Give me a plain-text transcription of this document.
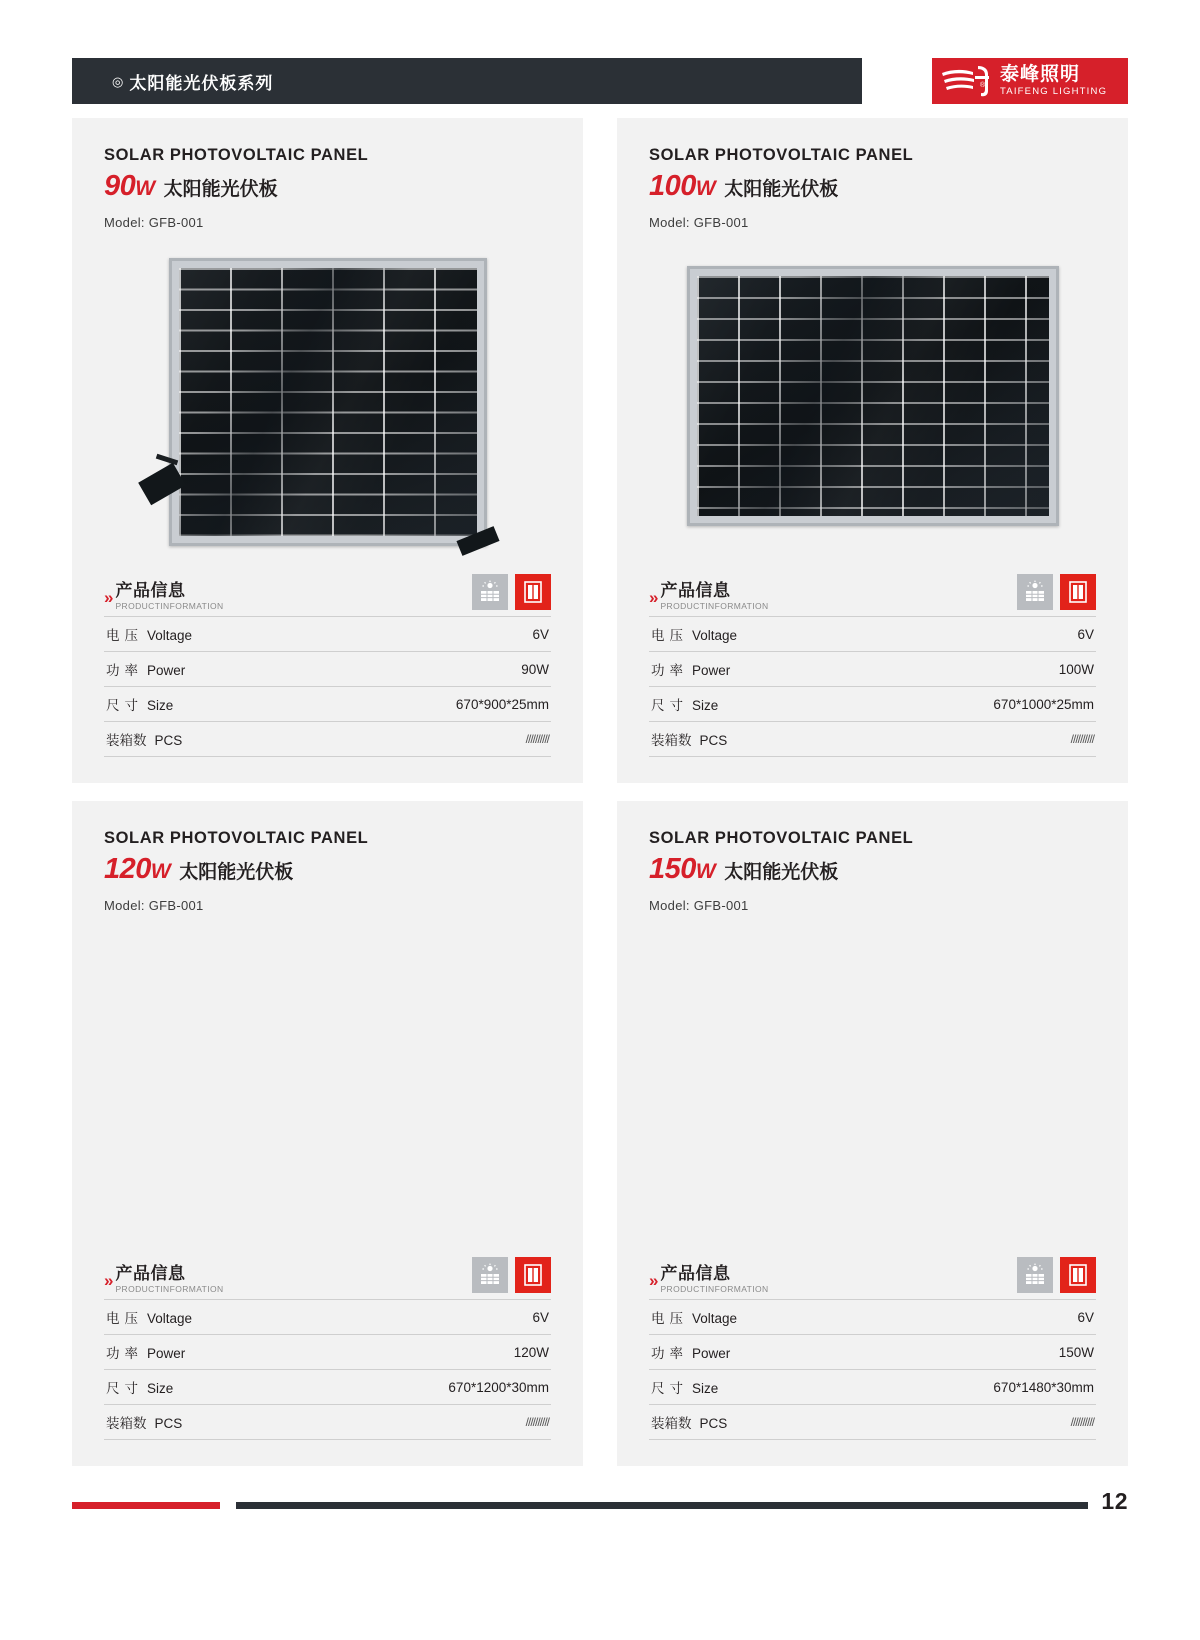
◎ 太阳能光伏板系列	泰峰照明
TAIFENG LIGHTING
®
SOLAR PHOTOVOLTAIC PANEL
90W 太阳能光伏板
Model: GFB-001
» 产品信息
PRODUCTINFORMATION
电压 Voltage	6V
功率 Power	90W
尺寸 Size	670*900*25mm
装箱数 PCS	//////////
SOLAR PHOTOVOLTAIC PANEL
100W 太阳能光伏板
Model: GFB-001
» 产品信息
PRODUCTINFORMATION
电压 Voltage	6V
功率 Power	100W
尺寸 Size	670*1000*25mm
装箱数 PCS	//////////
SOLAR PHOTOVOLTAIC PANEL
120W 太阳能光伏板
Model: GFB-001
» 产品信息
PRODUCTINFORMATION
电压 Voltage	6V
功率 Power	120W
尺寸 Size	670*1200*30mm
装箱数 PCS	//////////
SOLAR PHOTOVOLTAIC PANEL
150W 太阳能光伏板
Model: GFB-001
» 产品信息
PRODUCTINFORMATION
电压 Voltage	6V
功率 Power	150W
尺寸 Size	670*1480*30mm
装箱数 PCS	//////////
12
